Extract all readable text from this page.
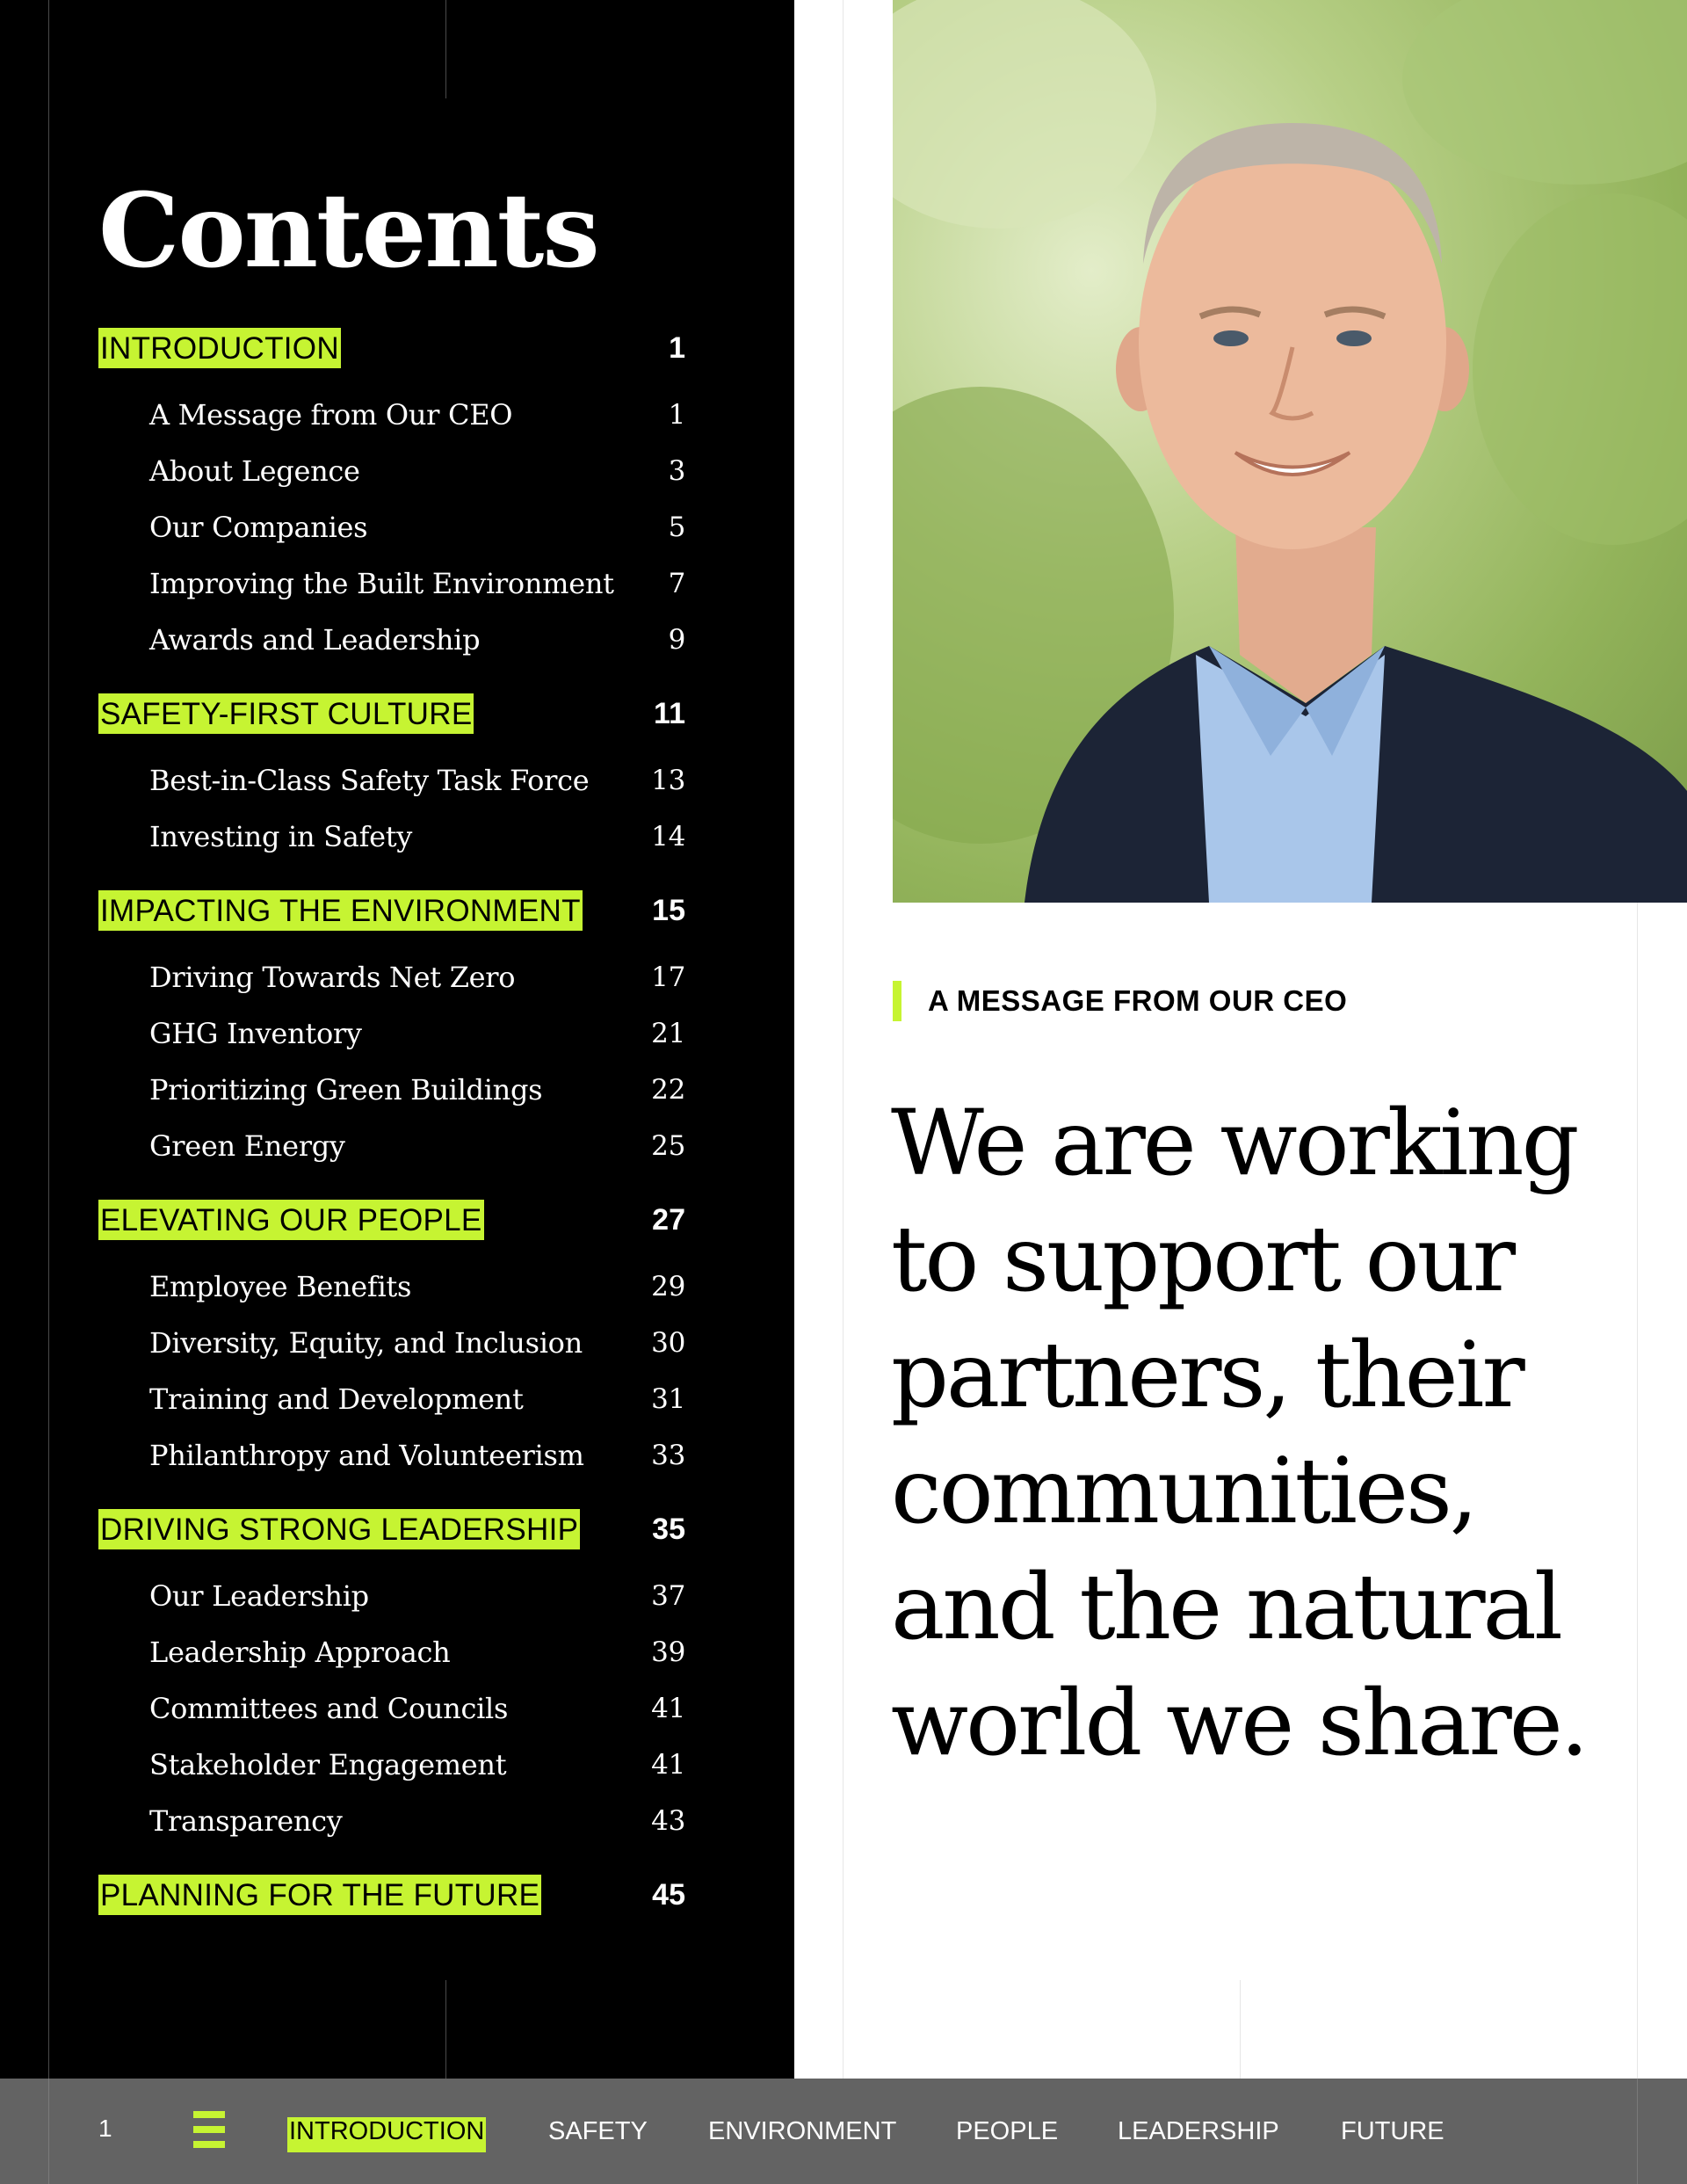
Contents
INTRODUCTION	1
A Message from Our CEO	1
About Legence	3
Our Companies	5
Improving the Built Environment 7
Awards and Leadership	9
SAFETY-FIRST CULTURE	11
Best-in-Class Safety Task Force 13
Investing in Safety	14
IMPACTING THE ENVIRONMENT 15
Driving Towards Net Zero	17
GHG Inventory	21
Prioritizing Green Buildings	22
Green Energy	25
ELEVATING OUR PEOPLE	27
Employee Benefits	29
Diversity, Equity, and Inclusion	30
Training and Development	31
Philanthropy and Volunteerism 33
DRIVING STRONG LEADERSHIP 35
Our Leadership	37
Leadership Approach	39
Committees and Councils	41
Stakeholder Engagement	41
Transparency	43
PLANNING FOR THE FUTURE	45
A MESSAGE FROM OUR CEO
We are working
to support our
partners, their
communities,
and the natural
world we share.
1	INTRODUCTION	SAFETY ENVIRONMENT PEOPLE LEADERSHIP FUTURE
